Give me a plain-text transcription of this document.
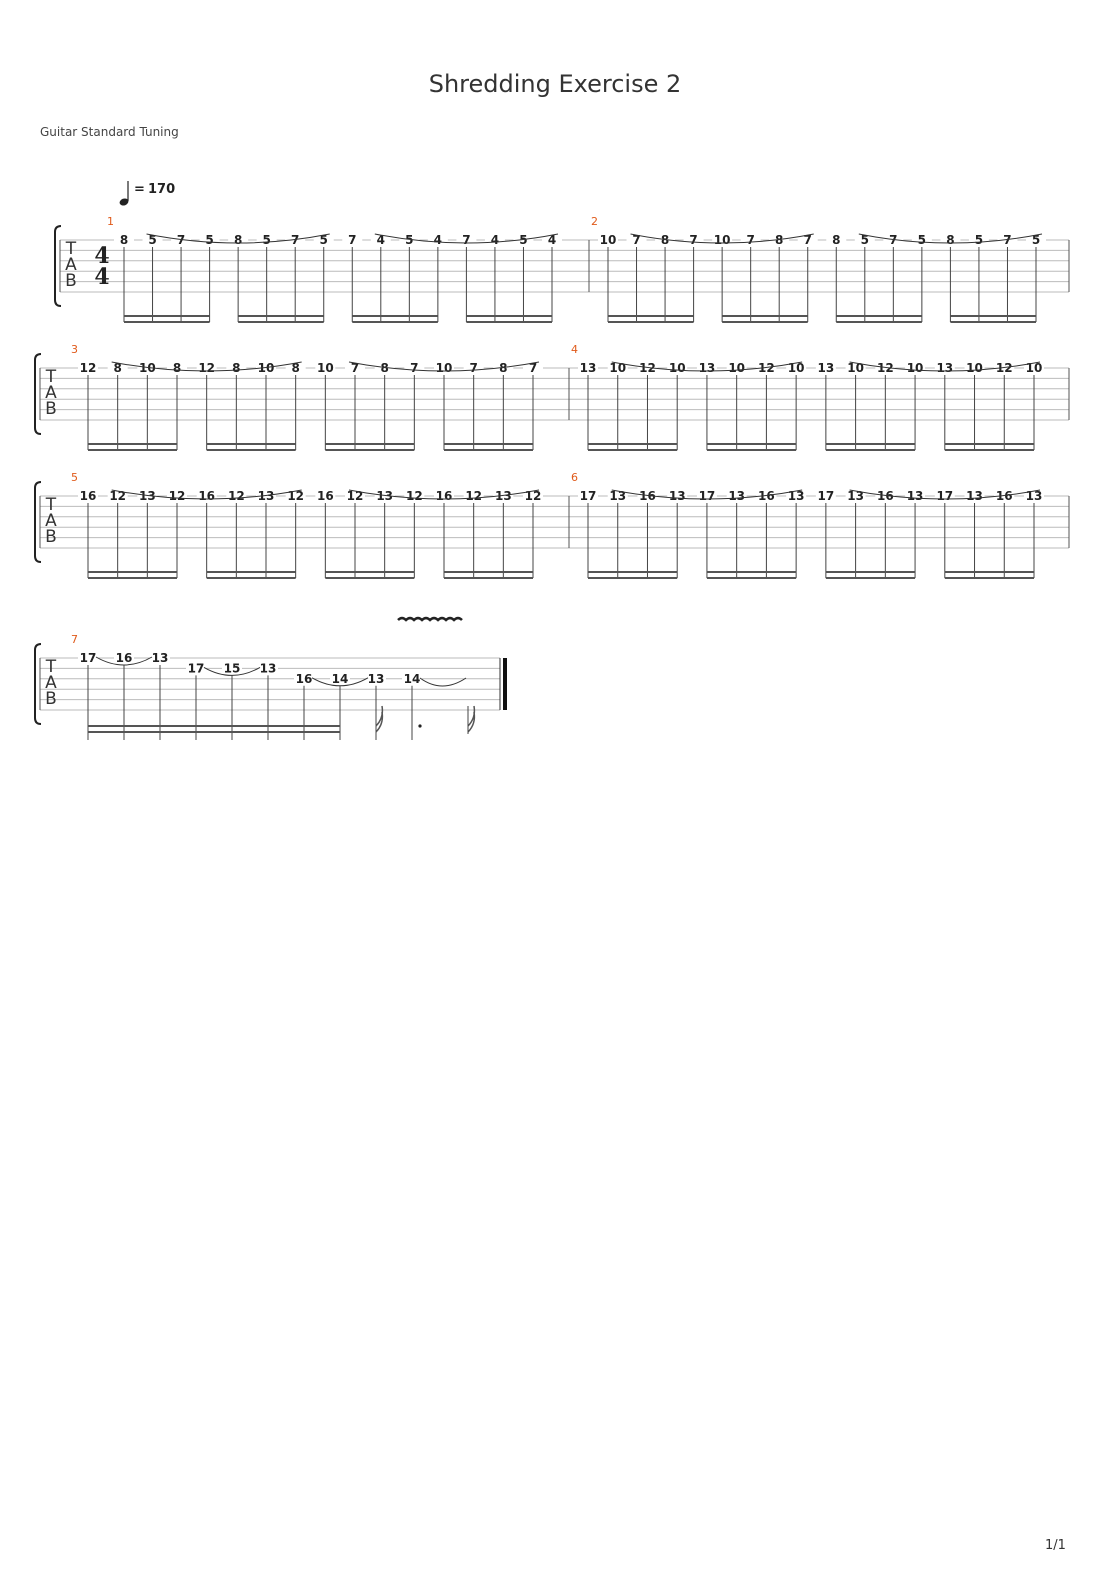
Shredding Exercise 2
Guitar Standard Tuning
1/1
= 170
T
A
B
4
4
1
8 5 7 5 8 5 7 5 7 4 5 4 7 4 5 4
2
10 7 8 7 10 7 8 7 8 5 7 5 8 5 7 5
T
A
B
3
12 8 10 8 12 8 10 8 10 7 8 7 10 7 8 7
4
13 10 12 10 13 10 12 10 13 10 12 10 13 10 12 10
T
A
B
5
16 12 13 12 16 12 13 12 16 12 13 12 16 12 13 12
6
17 13 16 13 17 13 16 13 17 13 16 13 17 13 16 13
T
A
B
7
17 16 13
17 15 13
16 14 13 14
